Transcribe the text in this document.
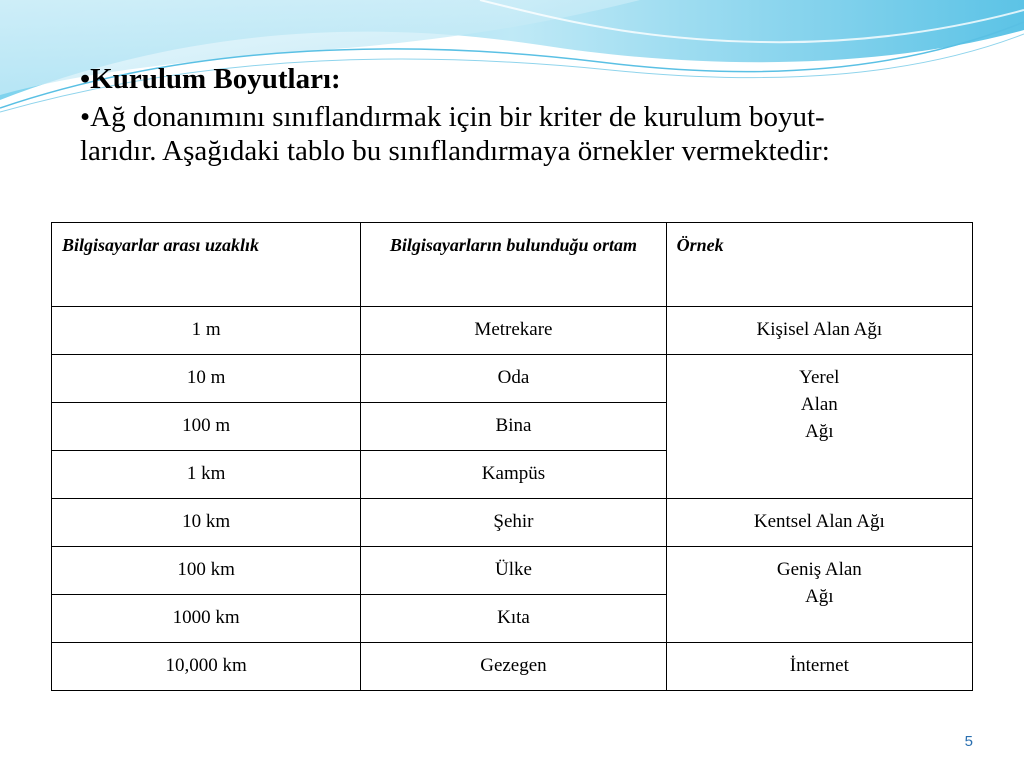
•Kurulum Boyutları:

•Ağ donanımını sınıflandırmak için bir kriter de kurulum boyut-

larıdır. Aşağıdaki tablo bu sınıflandırmaya örnekler vermektedir:

Bilgisayarlar arası uzaklık	Bilgisayarların bulunduğu ortam	Örnek
1 m	Metrekare	Kişisel Alan Ağı
10 m	Oda	Yerel
Alan
Ağı
100 m	Bina	
1 km	Kampüs	
10 km	Şehir	Kentsel Alan Ağı
100 km	Ülke	Geniş Alan
Ağı
1000 km	Kıta	
10,000 km	Gezegen	İnternet
5
